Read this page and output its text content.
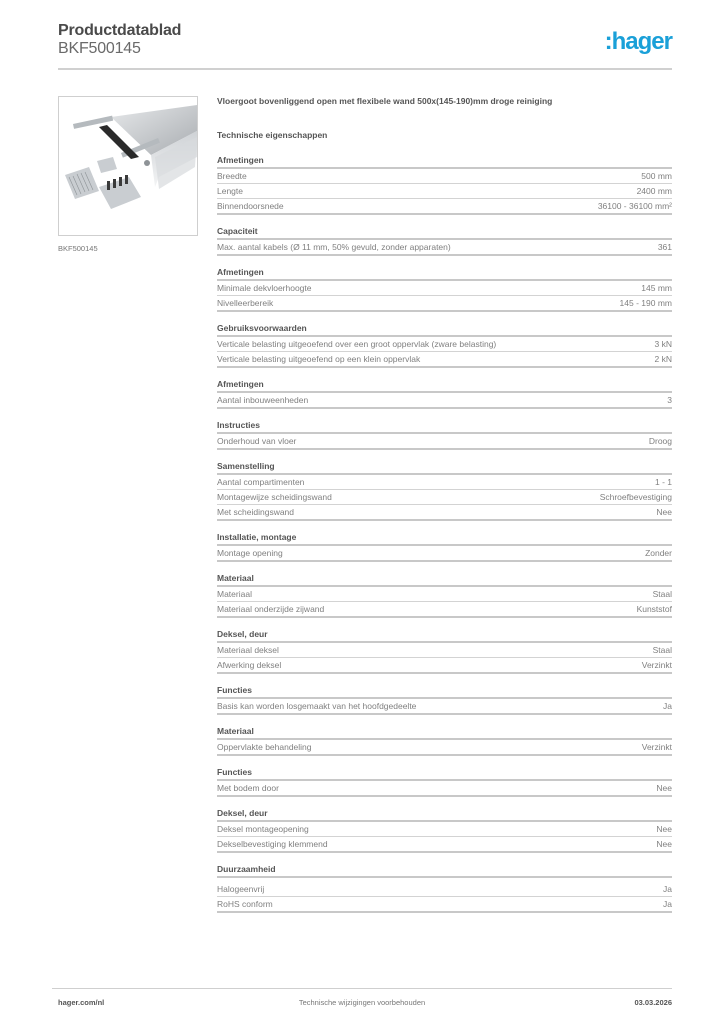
Productdatablad
BKF500145	:hager
BKF500145
Vloergoot bovenliggend open met flexibele wand 500x(145-190)mm droge reiniging
Technische eigenschappen
Afmetingen
Breedte	500 mm
Lengte	2400 mm
Binnendoorsnede	36100 - 36100 mm²
Capaciteit
Max. aantal kabels (Ø 11 mm, 50% gevuld, zonder apparaten)	361
Afmetingen
Minimale dekvloerhoogte	145 mm
Nivelleerbereik	145 - 190 mm
Gebruiksvoorwaarden
Verticale belasting uitgeoefend over een groot oppervlak (zware belasting)	3 kN
Verticale belasting uitgeoefend op een klein oppervlak	2 kN
Afmetingen
Aantal inbouweenheden	3
Instructies
Onderhoud van vloer	Droog
Samenstelling
Aantal compartimenten	1 - 1
Montagewijze scheidingswand	Schroefbevestiging
Met scheidingswand	Nee
Installatie, montage
Montage opening	Zonder
Materiaal
Materiaal	Staal
Materiaal onderzijde zijwand	Kunststof
Deksel, deur
Materiaal deksel	Staal
Afwerking deksel	Verzinkt
Functies
Basis kan worden losgemaakt van het hoofdgedeelte	Ja
Materiaal
Oppervlakte behandeling	Verzinkt
Functies
Met bodem door	Nee
Deksel, deur
Deksel montageopening	Nee
Dekselbevestiging klemmend	Nee
Duurzaamheid
Halogeenvrij	Ja
RoHS conform	Ja
hager.com/nl	Technische wijzigingen voorbehouden	03.03.2026
